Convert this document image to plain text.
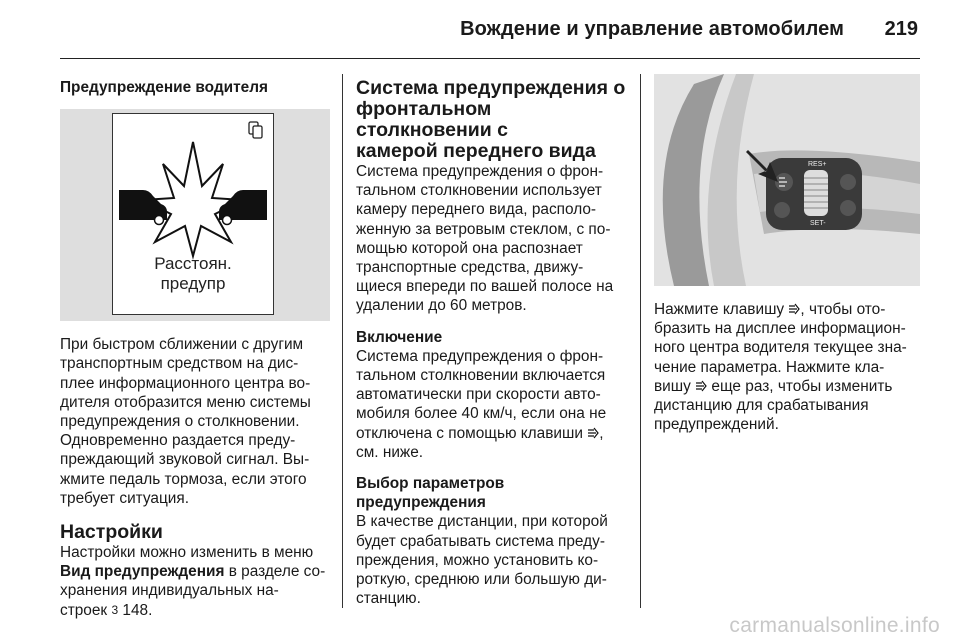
Вождение и управление автомобилем 219
Предупреждение водителя
Расстоян.
предупр
При быстром сближении с другим
транспортным средством на дис-
плее информационного центра во-
дителя отобразится меню системы
предупреждения о столкновении.
Одновременно раздается преду-
преждающий звуковой сигнал. Вы-
жмите педаль тормоза, если этого
требует ситуация.
Настройки
Настройки можно изменить в меню
Вид предупреждения в разделе со-
хранения индивидуальных на-
строек 3 148.
Система предупреждения о
фронтальном столкновении с
камерой переднего вида
Система предупреждения о фрон-
тальном столкновении использует
камеру переднего вида, располо-
женную за ветровым стеклом, с по-
мощью которой она распознает
транспортные средства, движу-
щиеся впереди по вашей полосе на
удалении до 60 метров.
Включение
Система предупреждения о фрон-
тальном столкновении включается
автоматически при скорости авто-
мобиля более 40 км/ч, если она не
отключена с помощью клавиши ,
см. ниже.
Выбор параметров
предупреждения
В качестве дистанции, при которой
будет срабатывать система преду-
преждения, можно установить ко-
роткую, среднюю или большую ди-
станцию.
RES+
SET-
Нажмите клавишу , чтобы ото-
бразить на дисплее информацион-
ного центра водителя текущее зна-
чение параметра. Нажмите кла-
вишу  еще раз, чтобы изменить
дистанцию для срабатывания
предупреждений.
carmanualsonline.info
